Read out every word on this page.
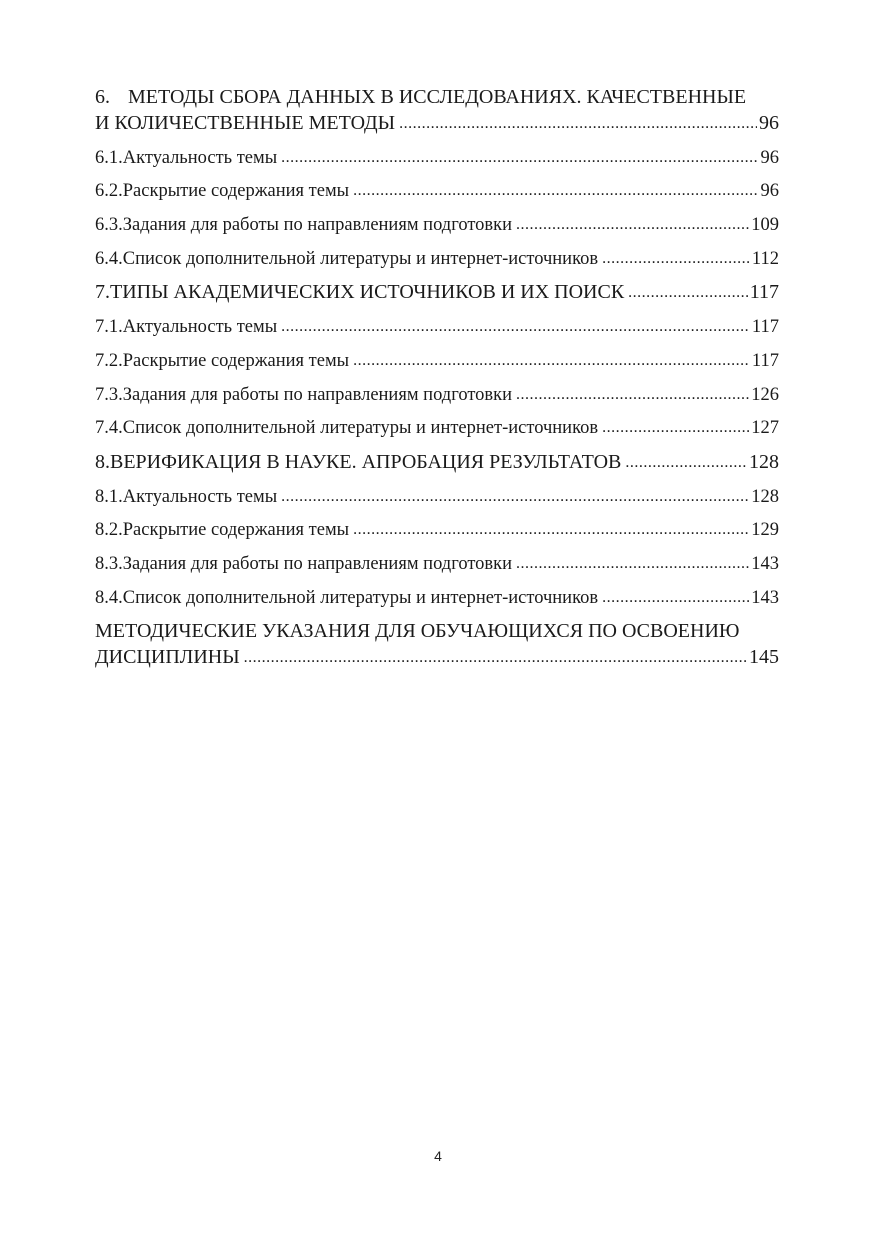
6. МЕТОДЫ СБОРА ДАННЫХ В ИССЛЕДОВАНИЯХ. КАЧЕСТВЕННЫЕ
И КОЛИЧЕСТВЕННЫЕ МЕТОДЫ .....	96
6.1. Актуальность темы .....	96
6.2. Раскрытие содержания темы .....	96
6.3. Задания для работы по направлениям подготовки .....	109
6.4. Список дополнительной литературы и интернет-источников .....	112
7. ТИПЫ АКАДЕМИЧЕСКИХ ИСТОЧНИКОВ И ИХ ПОИСК .....	117
7.1. Актуальность темы .....	117
7.2. Раскрытие содержания темы .....	117
7.3. Задания для работы по направлениям подготовки .....	126
7.4. Список дополнительной литературы и интернет-источников .....	127
8. ВЕРИФИКАЦИЯ В НАУКЕ. АПРОБАЦИЯ РЕЗУЛЬТАТОВ .....	128
8.1. Актуальность темы .....	128
8.2. Раскрытие содержания темы .....	129
8.3. Задания для работы по направлениям подготовки .....	143
8.4. Список дополнительной литературы и интернет-источников .....	143
МЕТОДИЧЕСКИЕ УКАЗАНИЯ ДЛЯ ОБУЧАЮЩИХСЯ ПО ОСВОЕНИЮ
ДИСЦИПЛИНЫ .....	145
4
